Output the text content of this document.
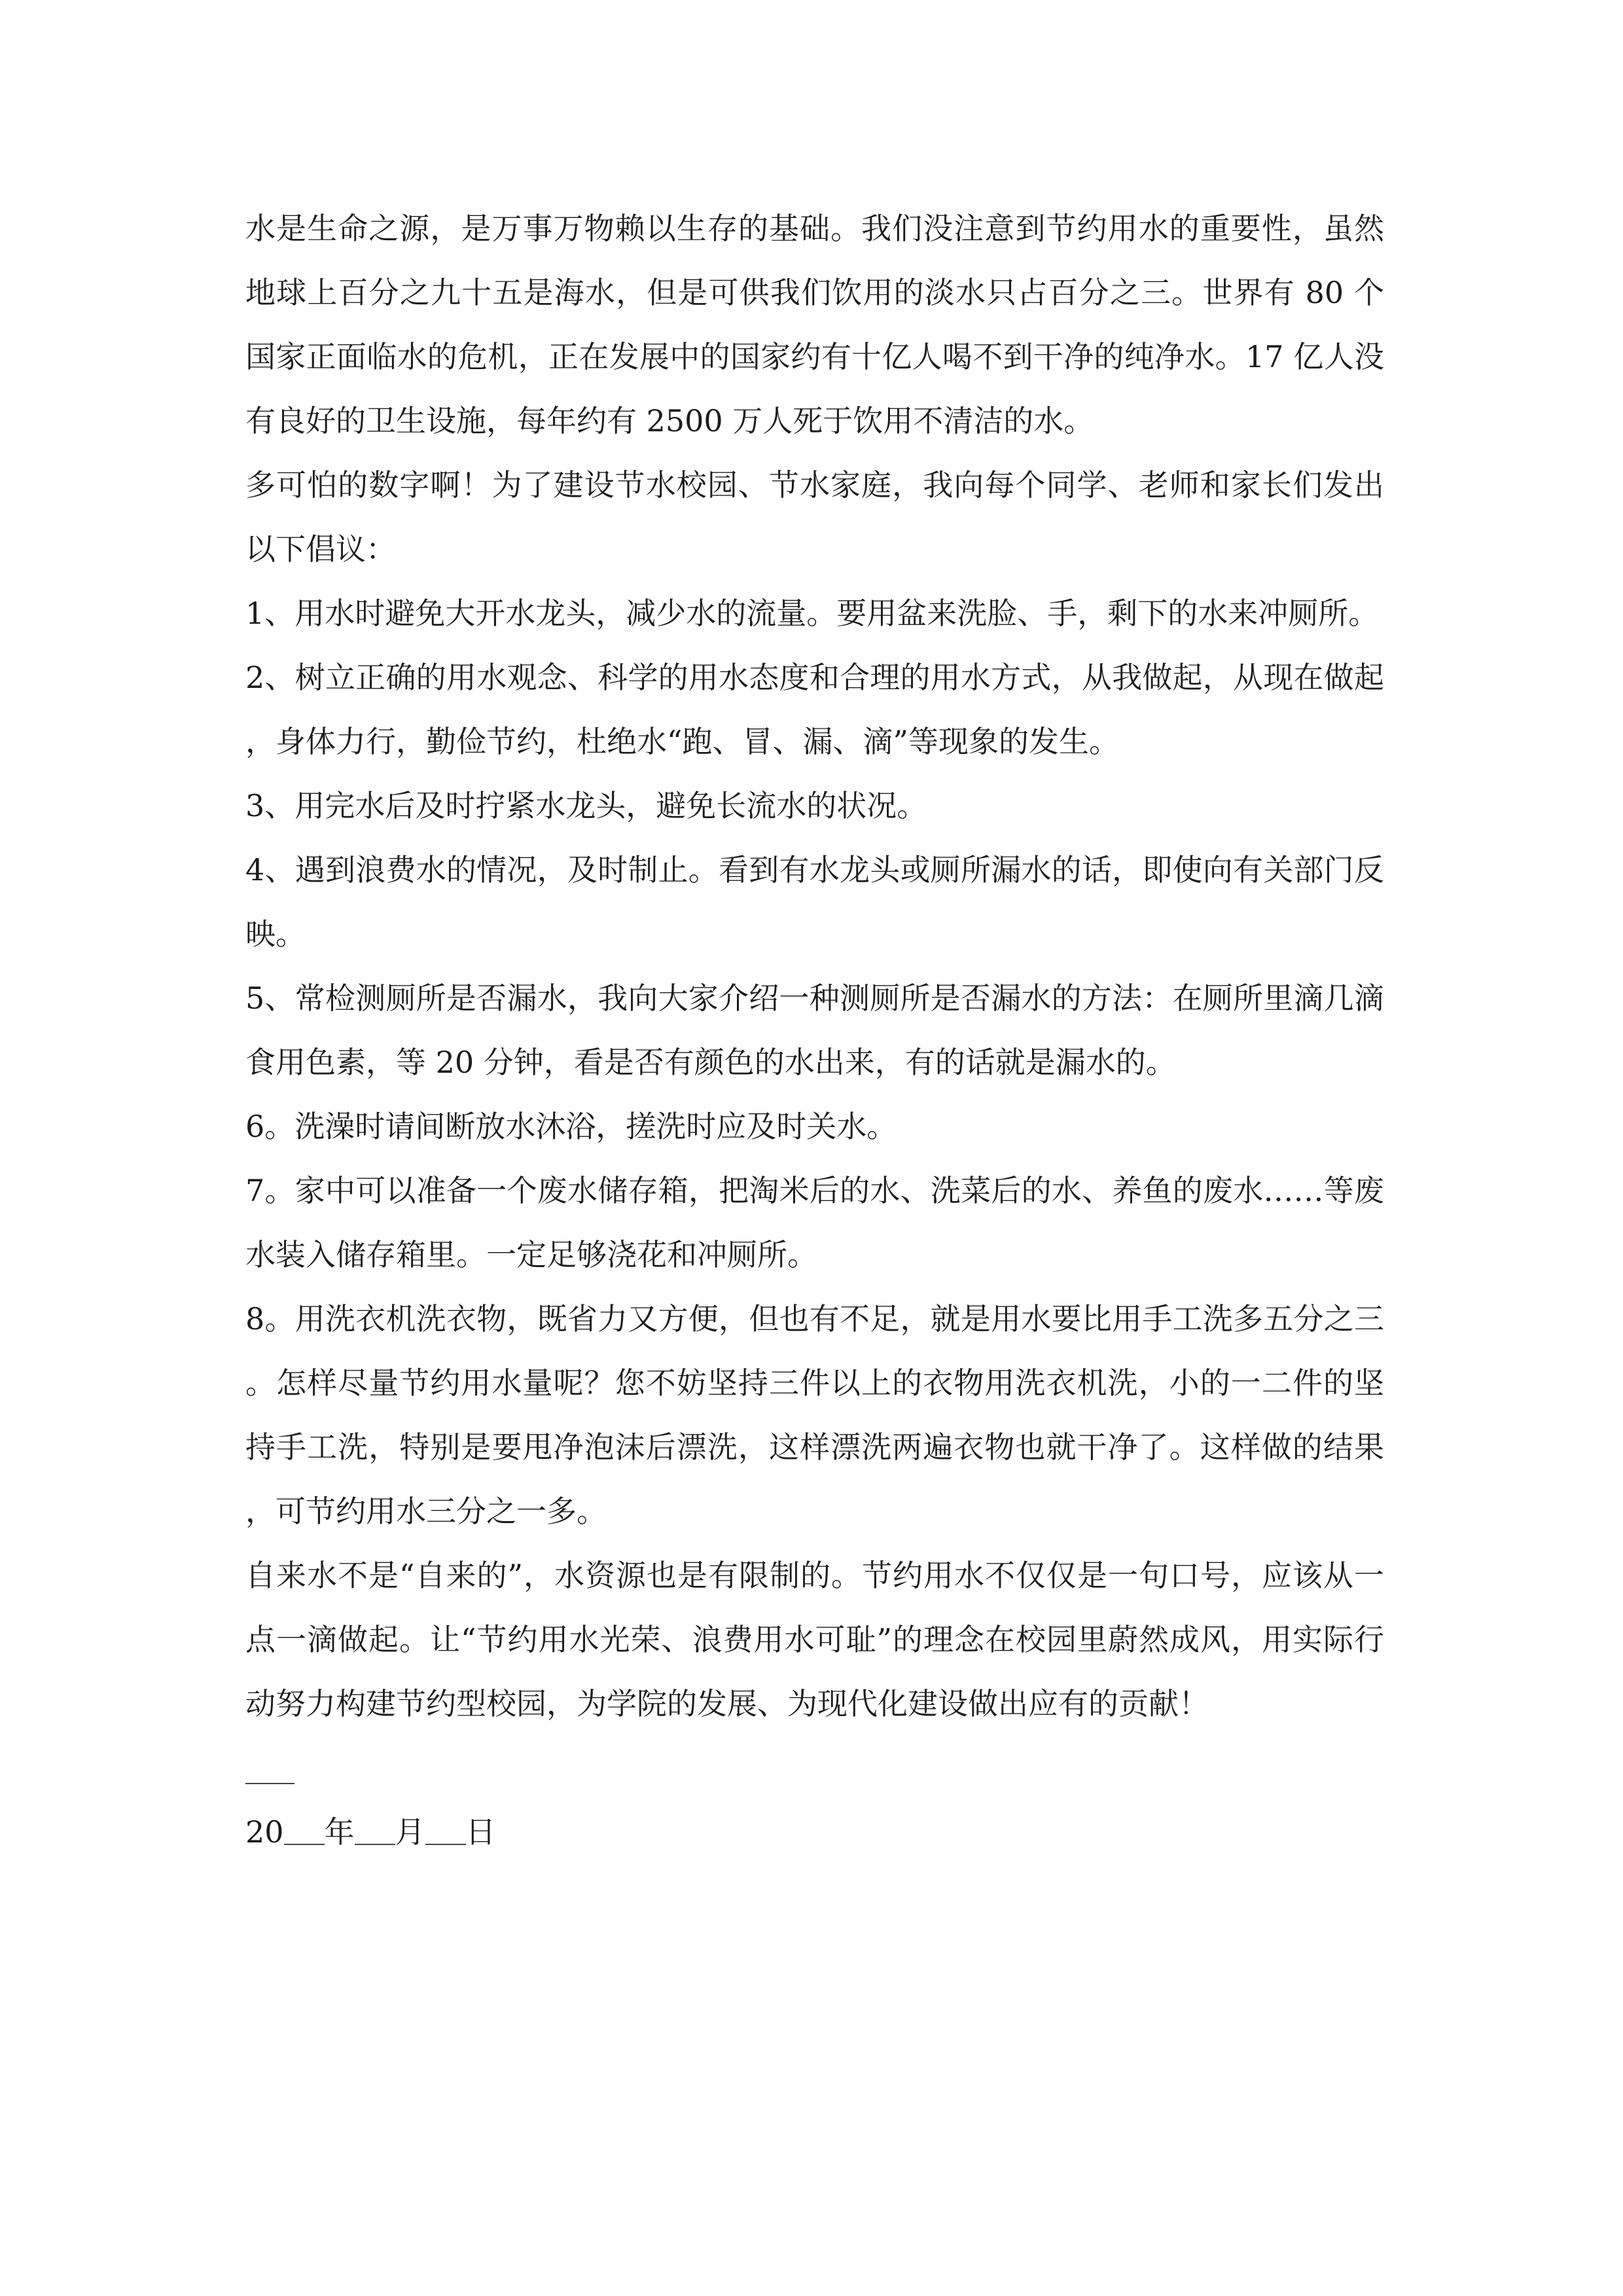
水是生命之源，是万事万物赖以生存的基础。我们没注意到节约用水的重要性，虽然地球上百分之九十五是海水，但是可供我们饮用的淡水只占百分之三。世界有 80 个国家正面临水的危机，正在发展中的国家约有十亿人喝不到干净的纯净水。17 亿人没有良好的卫生设施，每年约有 2500 万人死于饮用不清洁的水。

多可怕的数字啊！为了建设节水校园、节水家庭，我向每个同学、老师和家长们发出以下倡议：

1、用水时避免大开水龙头，减少水的流量。要用盆来洗脸、手，剩下的水来冲厕所。

2、树立正确的用水观念、科学的用水态度和合理的用水方式，从我做起，从现在做起，身体力行，勤俭节约，杜绝水“跑、冒、漏、滴”等现象的发生。

3、用完水后及时拧紧水龙头，避免长流水的状况。

4、遇到浪费水的情况，及时制止。看到有水龙头或厕所漏水的话，即使向有关部门反映。

5、常检测厕所是否漏水，我向大家介绍一种测厕所是否漏水的方法：在厕所里滴几滴食用色素，等 20 分钟，看是否有颜色的水出来，有的话就是漏水的。

6。洗澡时请间断放水沐浴，搓洗时应及时关水。

7。家中可以准备一个废水储存箱，把淘米后的水、洗菜后的水、养鱼的废水……等废水装入储存箱里。一定足够浇花和冲厕所。

8。用洗衣机洗衣物，既省力又方便，但也有不足，就是用水要比用手工洗多五分之三。怎样尽量节约用水量呢？您不妨坚持三件以上的衣物用洗衣机洗，小的一二件的坚持手工洗，特别是要甩净泡沫后漂洗，这样漂洗两遍衣物也就干净了。这样做的结果，可节约用水三分之一多。

自来水不是“自来的”，水资源也是有限制的。节约用水不仅仅是一句口号，应该从一点一滴做起。让“节约用水光荣、浪费用水可耻”的理念在校园里蔚然成风，用实际行动努力构建节约型校园，为学院的发展、为现代化建设做出应有的贡献！

20 年 月 日
